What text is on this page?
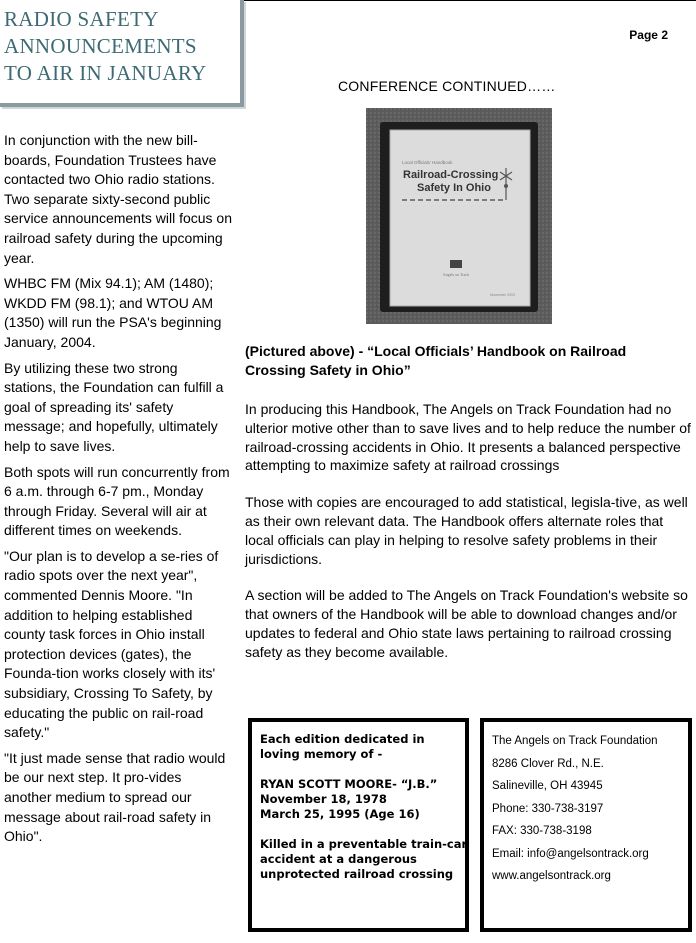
RADIO SAFETY
ANNOUNCEMENTS
TO AIR IN JANUARY
Page 2

In conjunction with the new bill-boards, Foundation Trustees have contacted two Ohio radio stations. Two separate sixty-second public service announcements will focus on railroad safety during the upcoming year.

WHBC FM (Mix 94.1); AM (1480); WKDD FM (98.1); and WTOU AM (1350) will run the PSA's beginning January, 2004.

By utilizing these two strong stations, the Foundation can fulfill a goal of spreading its' safety message; and hopefully, ultimately help to save lives.

Both spots will run concurrently from 6 a.m. through 6-7 pm., Monday through Friday. Several will air at different times on weekends.

"Our plan is to develop a se-ries of radio spots over the next year", commented Dennis Moore. "In addition to helping established county task forces in Ohio install protection devices (gates), the Founda-tion works closely with its' subsidiary, Crossing To Safety, by educating the public on rail-road safety."

"It just made sense that radio would be our next step. It pro-vides another medium to spread our message about rail-road safety in Ohio".

CONFERENCE CONTINUED……
Local Officials' Handbook
Railroad-Crossing
Safety In Ohio
Angels on Track
November 2003
(Pictured above) - “Local Officials’ Handbook on Railroad Crossing Safety in Ohio”

In producing this Handbook, The Angels on Track Foundation had no ulterior motive other than to save lives and to help reduce the number of railroad-crossing accidents in Ohio. It presents a balanced perspective attempting to maximize safety at railroad crossings

Those with copies are encouraged to add statistical, legisla-tive, as well as their own relevant data. The Handbook offers alternate roles that local officials can play in helping to resolve safety problems in their jurisdictions.

A section will be added to The Angels on Track Foundation's website so that owners of the Handbook will be able to download changes and/or updates to federal and Ohio state laws pertaining to railroad crossing safety as they become available.

Each edition dedicated in
loving memory of -
RYAN SCOTT MOORE- “J.B.”
November 18, 1978
March 25, 1995 (Age 16)
Killed in a preventable train-car
accident at a dangerous
unprotected railroad crossing
The Angels on Track Foundation
8286 Clover Rd., N.E.
Salineville, OH 43945
Phone: 330-738-3197
FAX: 330-738-3198
Email: info@angelsontrack.org
www.angelsontrack.org
